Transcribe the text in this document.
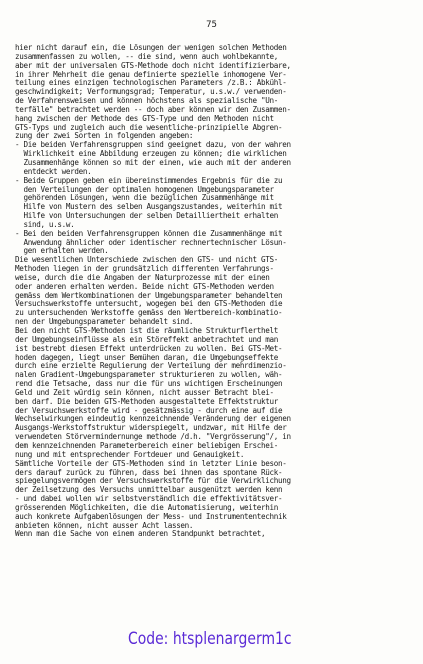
75
hier nicht darauf ein, die Lösungen der wenigen solchen Methoden
zusammenfassen zu wollen, -- die sind, wenn auch wohlbekannte,
aber mit der universalen GTS-Methode doch nicht identifizierbare,
in ihrer Mehrheit die genau definierte spezielle inhomogene Ver-
teilung eines einzigen technologischen Parameters /z.B.: Abkühl-
geschwindigkeit; Verformungsgrad; Temperatur, u.s.w./ verwenden-
de Verfahrensweisen und können höchstens als spezialische "Un-
terfälle" betrachtet werden -- doch aber können wir den Zusammen-
hang zwischen der Methode des GTS-Type und den Methoden nicht
GTS-Typs und zugleich auch die wesentliche-prinzipielle Abgren-
zung der zwei Sorten in folgenden angeben:
- Die beiden Verfahrensgruppen sind geeignet dazu, von der wahren
Wirklichkeit eine Abbildung erzeugen zu können; die wirklichen
Zusammenhänge können so mit der einen, wie auch mit der anderen
entdeckt werden.
- Beide Gruppen geben ein übereinstimmendes Ergebnis für die zu
den Verteilungen der optimalen homogenen Umgebungsparameter
gehörenden Lösungen, wenn die bezüglichen Zusammenhänge mit
Hilfe von Mustern des selben Ausgangszustandes, weiterhin mit
Hilfe von Untersuchungen der selben Detailliertheit erhalten
sind, u.s.w.
- Bei den beiden Verfahrensgruppen können die Zusammenhänge mit
Anwendung ähnlicher oder identischer rechnertechnischer Lösun-
gen erhalten werden.
Die wesentlichen Unterschiede zwischen den GTS- und nicht GTS-
Methoden liegen in der grundsätzlich differenten Verfahrungs-
weise, durch die die Angaben der Naturprozesse mit der einen
oder anderen erhalten werden. Beide nicht GTS-Methoden werden
gemäss dem Wertkombinationen der Umgebungsparameter behandelten
Versuchswerkstoffe untersucht, wogegen bei den GTS-Methoden die
zu untersuchenden Werkstoffe gemäss den Wertbereich-kombinatio-
nen der Umgebungsparameter behandelt sind.
Bei den nicht GTS-Methoden ist die räumliche Strukturflerthelt
der Umgebungseinflüsse als ein Störeffekt anbetrachtet und man
ist bestrebt diesen Effekt unterdrücken zu wollen. Bei GTS-Met-
hoden dagegen, liegt unser Bemühen daran, die Umgebungseffekte
durch eine erzielte Regulierung der Verteilung der mehrdimenzio-
nalen Gradient-Umgebungsparameter strukturieren zu wollen, wäh-
rend die Tetsache, dass nur die für uns wichtigen Erscheinungen
Geld und Zeit würdig sein können, nicht ausser Betracht blei-
ben darf. Die beiden GTS-Methoden ausgestaltete Effektstruktur
der Versuchswerkstoffe wird - gesätzmässig - durch eine auf die
Wechselwirkungen eindeutig kennzeichnende Veränderung der eigenen
Ausgangs-Werkstoffstruktur widerspiegelt, undzwar, mit Hilfe der
verwendeten Störvermindernunge methode /d.h. "Vergrösserung"/, in
dem kennzeichnenden Parameterbereich einer beliebigen Erschei-
nung und mit entsprechender Fortdeuer und Genauigkeit.
Sämtliche Vorteile der GTS-Methoden sind in letzter Linie beson-
ders darauf zurück zu führen, dass bei ihnen das spontane Rück-
spiegelungsvermögen der Versuchswerkstoffe für die Verwirklichung
der Zeilsetzung des Versuchs unmittelbar ausgenützt werden kenn
- und dabei wollen wir selbstverständlich die effektivitätsver-
grösserenden Möglichkeiten, die die Automatisierung, weiterhin
auch konkrete Aufgabenlösungen der Mess- und Instrumententechnik
anbieten können, nicht ausser Acht lassen.
Wenn man die Sache von einem anderen Standpunkt betrachtet,
Code: htsplenargerm1c
